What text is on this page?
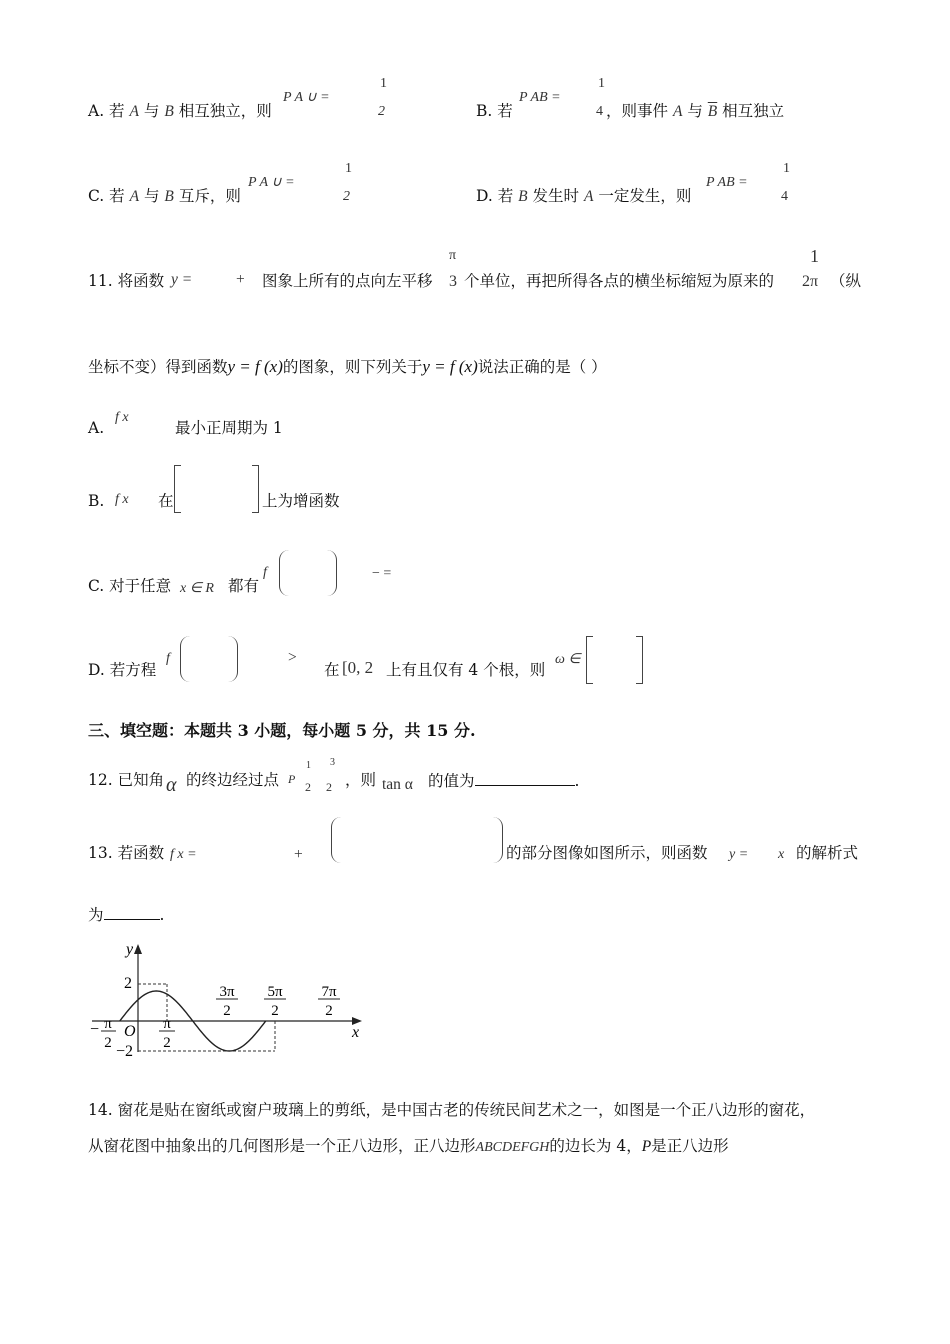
A. 若 A 与 B 相互独立，则
P A ∪ =
1
2	B. 若
P AB =
1
4 ，则事件 A 与 $\overline{B}$ 相互独立
C. 若 A 与 B 互斥，则
P A ∪ =
1
2	D. 若 B 发生时 A 一定发生，则
P AB =
1
4
11. 将函数 y =	+ 图象上所有的点向左平移
π
3 个单位，再把所得各点的横坐标缩短为原来的
1
2π （纵
坐标不变）得到函数y = f (x)的图象，则下列关于y = f (x)说法正确的是（ ）
A.
f x
最小正周期为 1
B. f x 在	上为增函数
C. 对于任意 x ∈ R 都有
f	− =
D. 若方程
f	>
在 [0, 2 上有且仅有 4 个根，则
ω ∈
三、填空题：本题共 3 小题，每小题 5 分，共 15 分.
12. 已知角 α 的终边经过点 P
1
2
3
2 ，则 tan α 的值为	.
13. 若函数 f x =	+	的部分图像如图所示，则函数 y = x 的解析式
为	.
y
x
O
2
−2
− π
2
π
2
3π
2
5π
2
7π
2
14. 窗花是贴在窗纸或窗户玻璃上的剪纸，是中国古老的传统民间艺术之一，如图是一个正八边形的窗花，
从窗花图中抽象出的几何图形是一个正八边形，正八边形ABCDEFGH的边长为 4，P是正八边形
